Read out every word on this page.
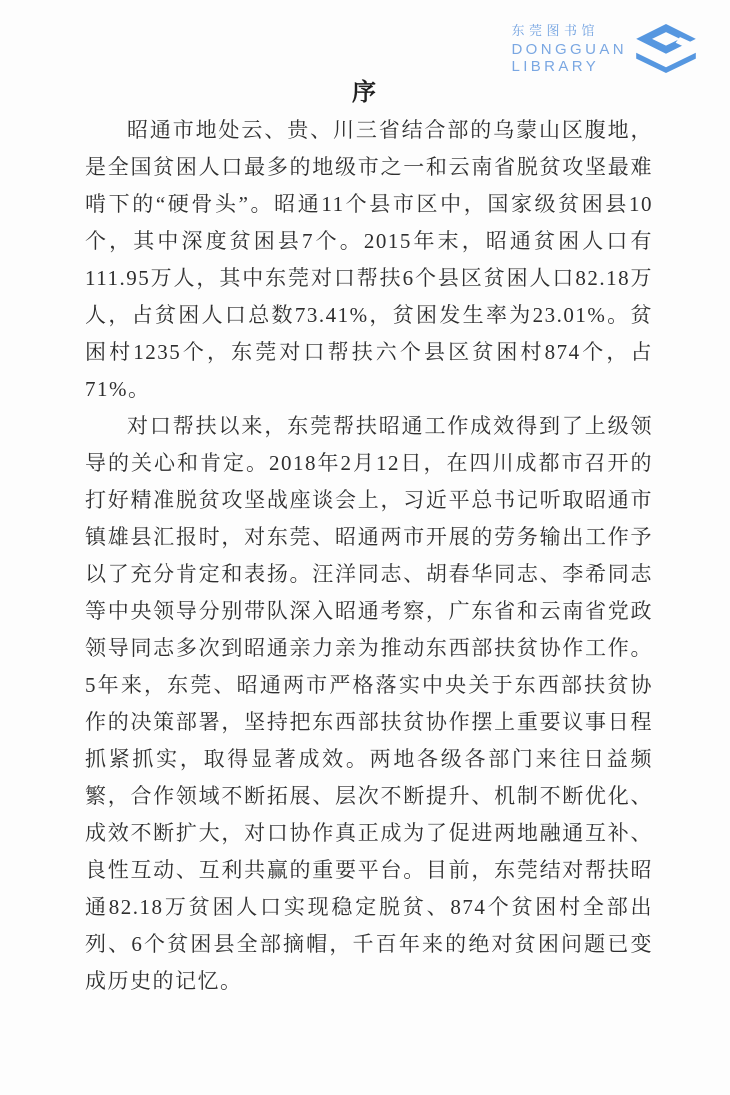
东莞图书馆
DONGGUAN
LIBRARY
序

昭通市地处云、贵、川三省结合部的乌蒙山区腹地，是全国贫困人口最多的地级市之一和云南省脱贫攻坚最难啃下的“硬骨头”。昭通11个县市区中，国家级贫困县10个，其中深度贫困县7个。2015年末，昭通贫困人口有111.95万人，其中东莞对口帮扶6个县区贫困人口82.18万人，占贫困人口总数73.41%，贫困发生率为23.01%。贫困村1235个，东莞对口帮扶六个县区贫困村874个，占71%。

对口帮扶以来，东莞帮扶昭通工作成效得到了上级领导的关心和肯定。2018年2月12日，在四川成都市召开的打好精准脱贫攻坚战座谈会上，习近平总书记听取昭通市镇雄县汇报时，对东莞、昭通两市开展的劳务输出工作予以了充分肯定和表扬。汪洋同志、胡春华同志、李希同志等中央领导分别带队深入昭通考察，广东省和云南省党政领导同志多次到昭通亲力亲为推动东西部扶贫协作工作。5年来，东莞、昭通两市严格落实中央关于东西部扶贫协作的决策部署，坚持把东西部扶贫协作摆上重要议事日程抓紧抓实，取得显著成效。两地各级各部门来往日益频繁，合作领域不断拓展、层次不断提升、机制不断优化、成效不断扩大，对口协作真正成为了促进两地融通互补、良性互动、互利共赢的重要平台。目前，东莞结对帮扶昭通82.18万贫困人口实现稳定脱贫、874个贫困村全部出列、6个贫困县全部摘帽，千百年来的绝对贫困问题已变成历史的记忆。
